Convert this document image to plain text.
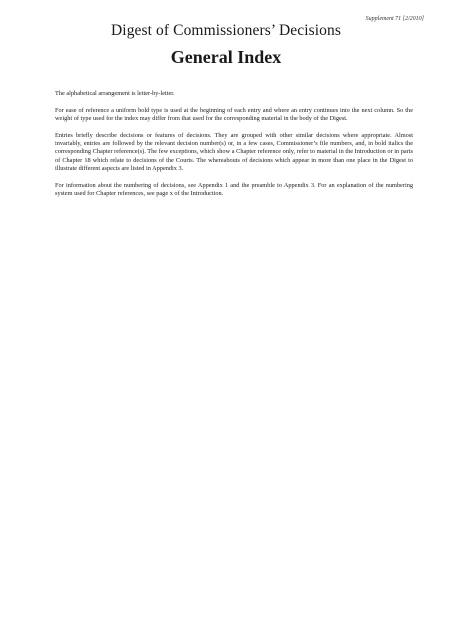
Supplement 71 [2/2010]
Digest of Commissioners’ Decisions
General Index

The alphabetical arrangement is letter-by-letter.

For ease of reference a uniform bold type is used at the beginning of each entry and where an entry continues into the next column. So the weight of type used for the index may differ from that used for the corresponding material in the body of the Digest.

Entries briefly describe decisions or features of decisions. They are grouped with other similar decisions where appropriate. Almost invariably, entries are followed by the relevant decision number(s) or, in a few cases, Commissioner’s file numbers, and, in bold italics the corresponding Chapter reference(s). The few exceptions, which show a Chapter reference only, refer to material in the Introduction or in parts of Chapter 18 which relate to decisions of the Courts. The whereabouts of decisions which appear in more than one place in the Digest to illustrate different aspects are listed in Appendix 3.

For information about the numbering of decisions, see Appendix 1 and the preamble to Appendix 3. For an explanation of the numbering system used for Chapter references, see page x of the Introduction.
